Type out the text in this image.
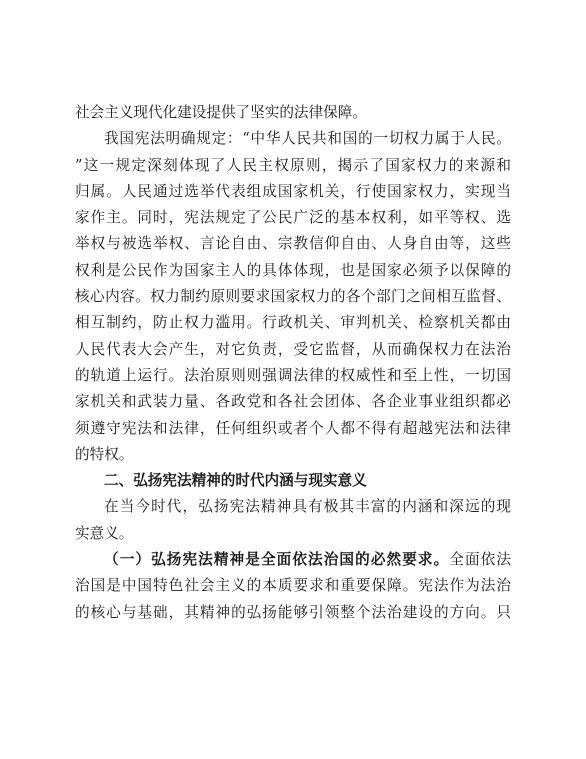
社会主义现代化建设提供了坚实的法律保障。
我国宪法明确规定：“中华人民共和国的一切权力属于人民。
”这一规定深刻体现了人民主权原则，揭示了国家权力的来源和
归属。人民通过选举代表组成国家机关，行使国家权力，实现当
家作主。同时，宪法规定了公民广泛的基本权利，如平等权、选
举权与被选举权、言论自由、宗教信仰自由、人身自由等，这些
权利是公民作为国家主人的具体体现，也是国家必须予以保障的
核心内容。权力制约原则要求国家权力的各个部门之间相互监督、
相互制约，防止权力滥用。行政机关、审判机关、检察机关都由
人民代表大会产生，对它负责，受它监督，从而确保权力在法治
的轨道上运行。法治原则则强调法律的权威性和至上性，一切国
家机关和武装力量、各政党和各社会团体、各企业事业组织都必
须遵守宪法和法律，任何组织或者个人都不得有超越宪法和法律
的特权。
二、弘扬宪法精神的时代内涵与现实意义
在当今时代，弘扬宪法精神具有极其丰富的内涵和深远的现
实意义。
（一）弘扬宪法精神是全面依法治国的必然要求。全面依法
治国是中国特色社会主义的本质要求和重要保障。宪法作为法治
的核心与基础，其精神的弘扬能够引领整个法治建设的方向。只
